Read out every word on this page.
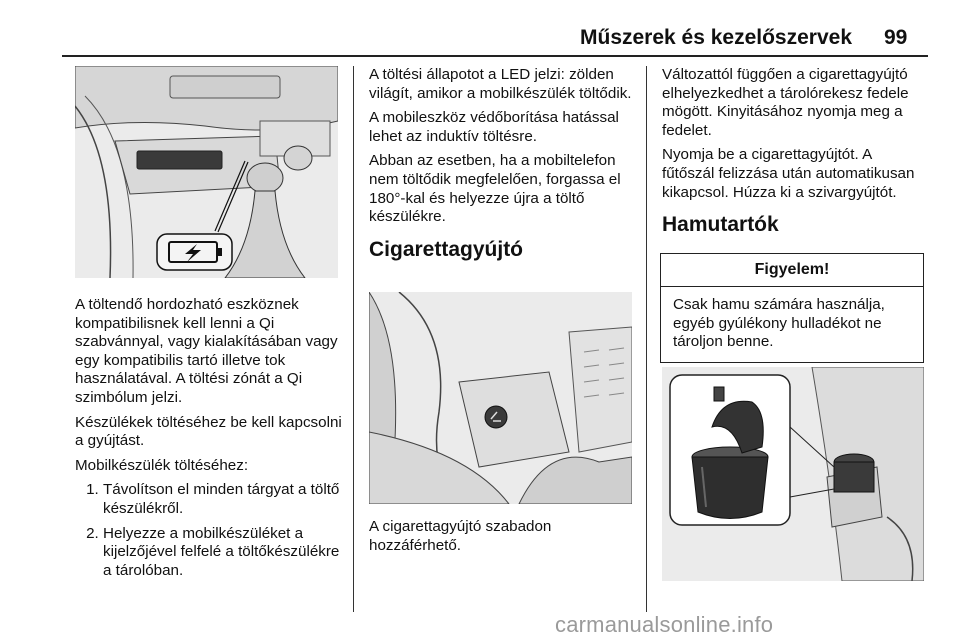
Műszerek és kezelőszervek 99

A töltendő hordozható eszköznek kompatibilisnek kell lenni a Qi szabvánnyal, vagy kialakításában vagy egy kompatibilis tartó illetve tok használatával. A töltési zónát a Qi szimbólum jelzi.

Készülékek töltéséhez be kell kapcsolni a gyújtást.

Mobilkészülék töltéséhez:

1. Távolítson el minden tárgyat a töltő készülékről.
2. Helyezze a mobilkészüléket a kijelzőjével felfelé a töltőkészülékre a tárolóban.

A töltési állapotot a LED jelzi: zölden világít, amikor a mobilkészülék töltődik.

A mobileszköz védőborítása hatással lehet az induktív töltésre.

Abban az esetben, ha a mobiltelefon nem töltődik megfelelően, forgassa el 180°-kal és helyezze újra a töltő készülékre.

Cigarettagyújtó

A cigarettagyújtó szabadon hozzáférhető.

Változattól függően a cigarettagyújtó elhelyezkedhet a tárolórekesz fedele mögött. Kinyitásához nyomja meg a fedelet.

Nyomja be a cigarettagyújtót. A fűtőszál felizzása után automatikusan kikapcsol. Húzza ki a szivargyújtót.

Hamutartók
Figyelem!
Csak hamu számára használja, egyéb gyúlékony hulladékot ne tároljon benne.
carmanualsonline.info
